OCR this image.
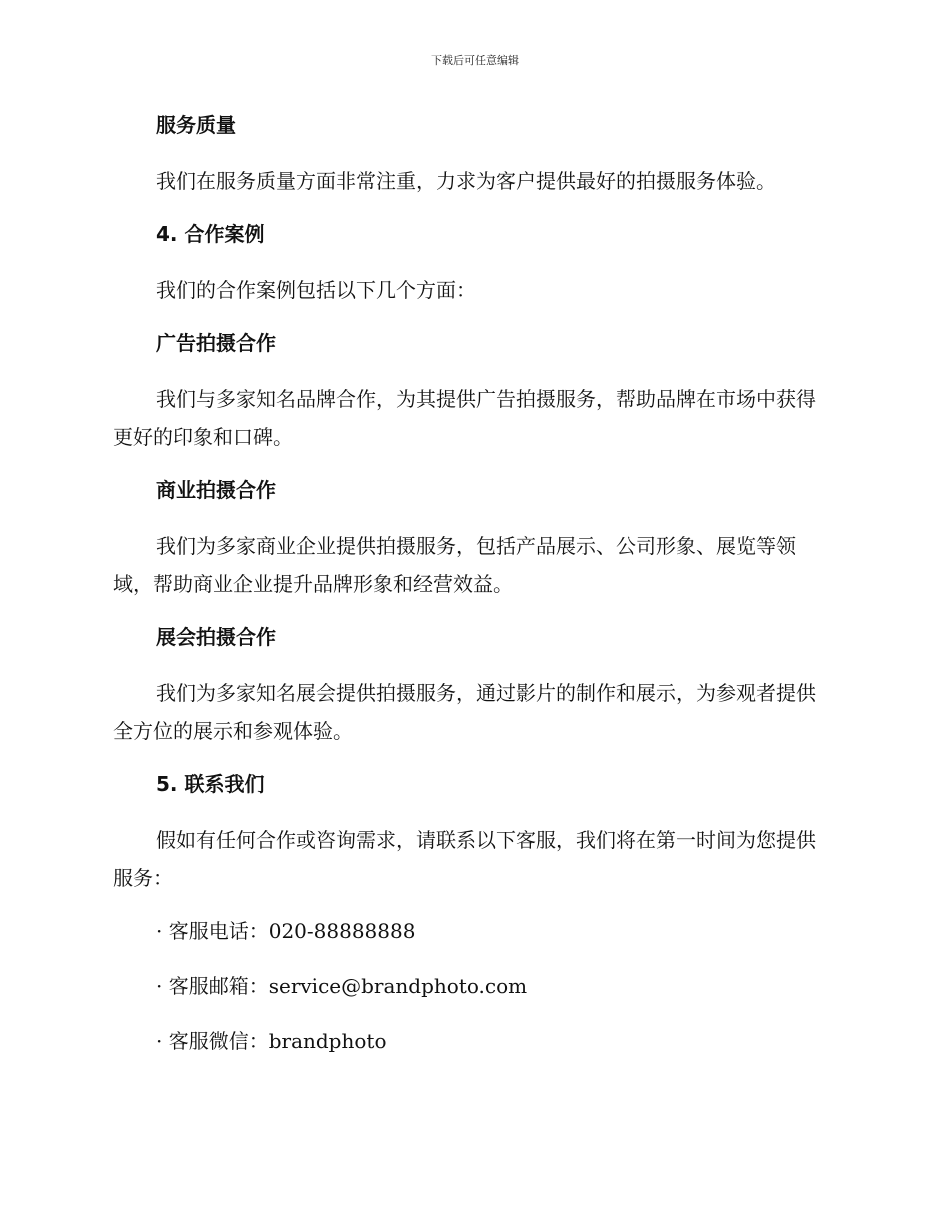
下载后可任意编辑
服务质量
我们在服务质量方面非常注重，力求为客户提供最好的拍摄服务体验。
4. 合作案例
我们的合作案例包括以下几个方面：
广告拍摄合作
我们与多家知名品牌合作，为其提供广告拍摄服务，帮助品牌在市场中获得更好的印象和口碑。
商业拍摄合作
我们为多家商业企业提供拍摄服务，包括产品展示、公司形象、展览等领域，帮助商业企业提升品牌形象和经营效益。
展会拍摄合作
我们为多家知名展会提供拍摄服务，通过影片的制作和展示，为参观者提供全方位的展示和参观体验。
5. 联系我们
假如有任何合作或咨询需求，请联系以下客服，我们将在第一时间为您提供服务：
· 客服电话：020-88888888
· 客服邮箱：service@brandphoto.com
· 客服微信：brandphoto
